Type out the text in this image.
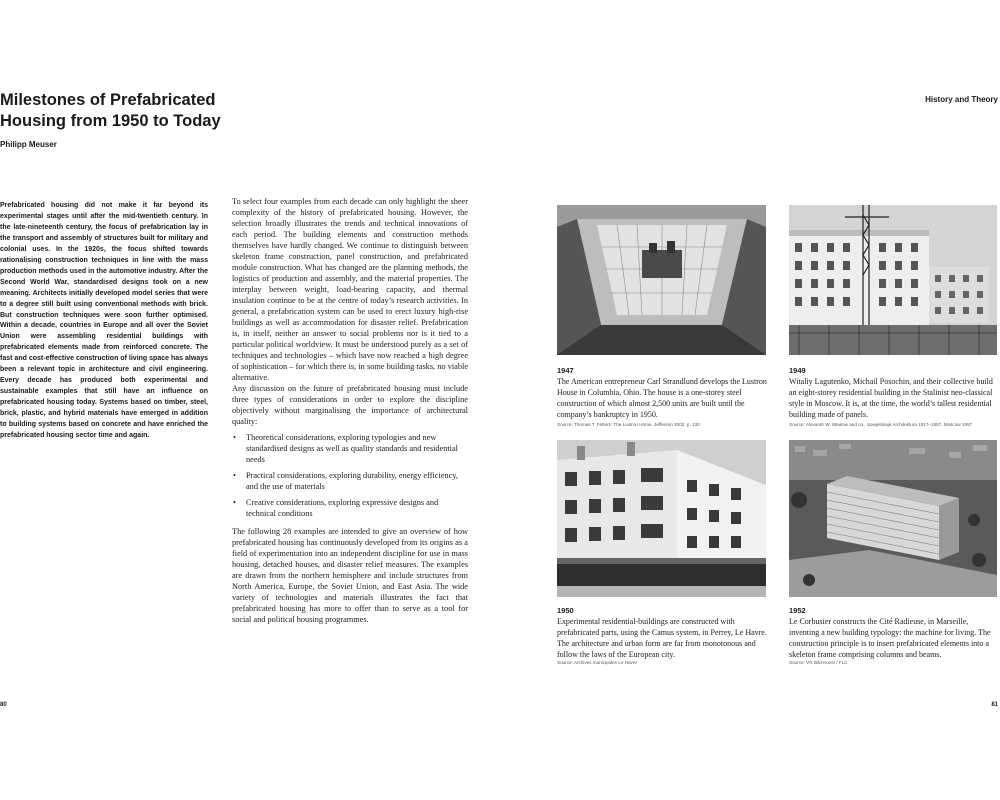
Milestones of Prefabricated Housing from 1950 to Today
Philipp Meuser
History and Theory

Prefabricated housing did not make it far beyond its experimental stages until after the mid-twentieth century. In the late-nineteenth century, the focus of prefabrication lay in the transport and assembly of structures built for military and colonial uses. In the 1920s, the focus shifted towards rationalising construction techniques in line with the mass production methods used in the automotive industry. After the Second World War, standardised designs took on a new meaning. Architects initially developed model series that were to a degree still built using conventional methods with brick. But construction techniques were soon further optimised. Within a decade, countries in Europe and all over the Soviet Union were assembling residential buildings with prefabricated elements made from reinforced concrete. The fast and cost-effective construction of living space has always been a relevant topic in architecture and civil engineering. Every decade has produced both experimental and sustainable examples that still have an influence on prefabricated housing today. Systems based on timber, steel, brick, plastic, and hybrid materials have emerged in addition to building systems based on concrete and have enriched the prefabricated housing sector time and again.

To select four examples from each decade can only highlight the sheer complexity of the history of prefabricated housing. However, the selection broadly illustrates the trends and technical innovations of each period. The building elements and construction methods themselves have hardly changed. We continue to distinguish between skeleton frame construction, panel construction, and prefabricated module construction. What has changed are the planning methods, the logistics of production and assembly, and the material properties. The interplay between weight, load-bearing capacity, and thermal insulation continue to be at the centre of today’s research activities. In general, a prefabrication system can be used to erect luxury high-rise buildings as well as accommodation for disaster relief. Prefabrication is, in itself, neither an answer to social problems nor is it tied to a particular political worldview. It must be understood purely as a set of techniques and technologies – which have now reached a high degree of sophistication – for which there is, in some building tasks, no viable alternative.

Any discussion on the future of prefabricated housing must include three types of considerations in order to explore the discipline objectively without marginalising the importance of architectural quality:

• Theoretical considerations, exploring typologies and new standardised designs as well as quality standards and residential needs
• Practical considerations, exploring durability, energy efficiency, and the use of materials
• Creative considerations, exploring expressive designs and technical conditions

The following 28 examples are intended to give an overview of how prefabricated housing has continuously developed from its origins as a field of experimentation into an independent discipline for use in mass housing, detached houses, and disaster relief measures. The examples are drawn from the northern hemisphere and include structures from North America, Europe, the Soviet Union, and East Asia. The wide variety of technologies and materials illustrates the fact that prefabricated housing has more to offer than to serve as a tool for social and political housing programmes.

1947

The American entrepreneur Carl Strandlund develops the Lustron House in Columbia, Ohio. The house is a one-storey steel construction of which almost 2,500 units are built until the company’s bankruptcy in 1950.

Source: Thomas T. Fetters: The Lustron Home, Jefferson 2002, p. 130
1949

Witaliy Lagutenko, Michail Posochin, and their collective build an eight-storey residential building in the Stalinist neo-classical style in Moscow. It is, at the time, the world’s tallest residential building made of panels.

Source: Alexandr W. Wlasow and co., Sowjetskaja Architektura 1917–1957, Moscow 1957
1950

Experimental residential-buildings are constructed with prefabricated parts, using the Camus system, in Perrey, Le Havre. The architecture and urban form are far from monotonous and follow the laws of the European city.

Source: Archives municipales Le Havre
1952

Le Corbusier constructs the Cité Radieuse, in Marseille, inventing a new building typology: the machine for living. The construction principle is to insert prefabricated elements into a skeleton frame comprising columns and beams.

Source: VG Bild-Kunst / FLC
80	81
